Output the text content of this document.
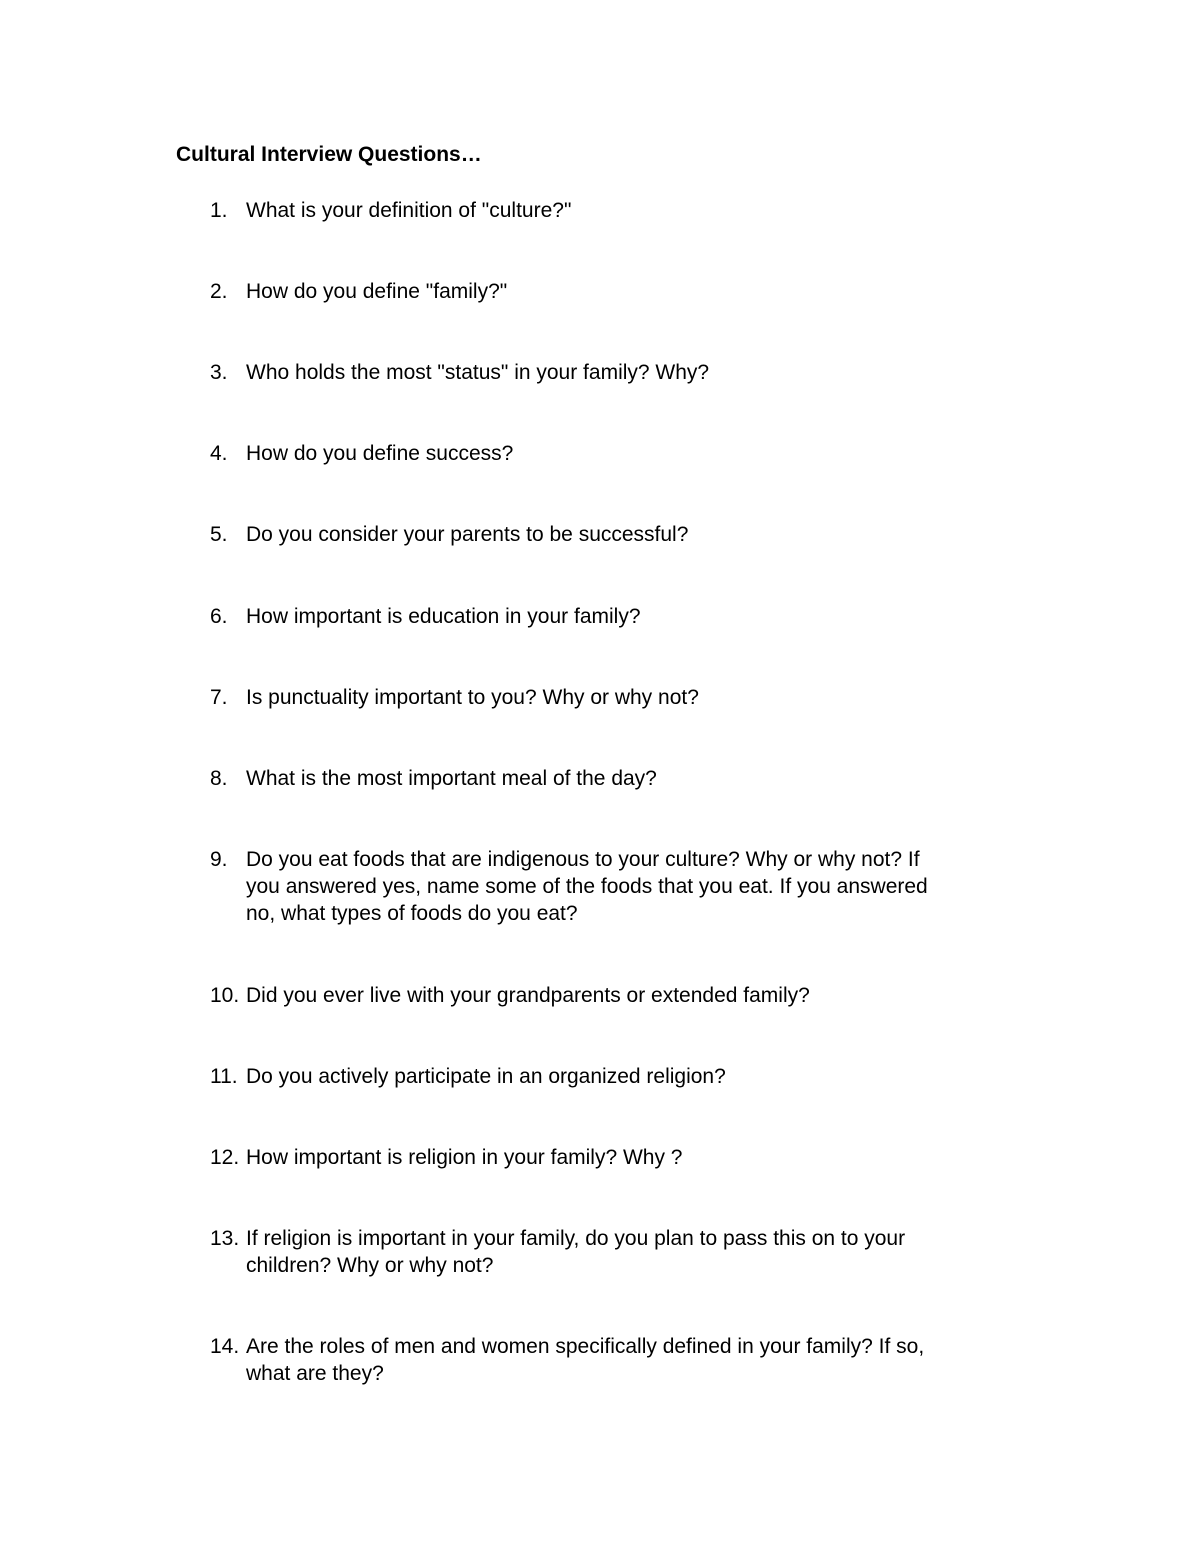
Cultural Interview Questions…
1. What is your definition of "culture?"
2. How do you define "family?"
3. Who holds the most "status" in your family? Why?
4. How do you define success?
5. Do you consider your parents to be successful?
6. How important is education in your family?
7. Is punctuality important to you? Why or why not?
8. What is the most important meal of the day?
9. Do you eat foods that are indigenous to your culture? Why or why not? If
you answered yes, name some of the foods that you eat. If you answered
no, what types of foods do you eat?
10. Did you ever live with your grandparents or extended family?
11. Do you actively participate in an organized religion?
12. How important is religion in your family? Why ?
13. If religion is important in your family, do you plan to pass this on to your
children? Why or why not?
14. Are the roles of men and women specifically defined in your family? If so,
what are they?
